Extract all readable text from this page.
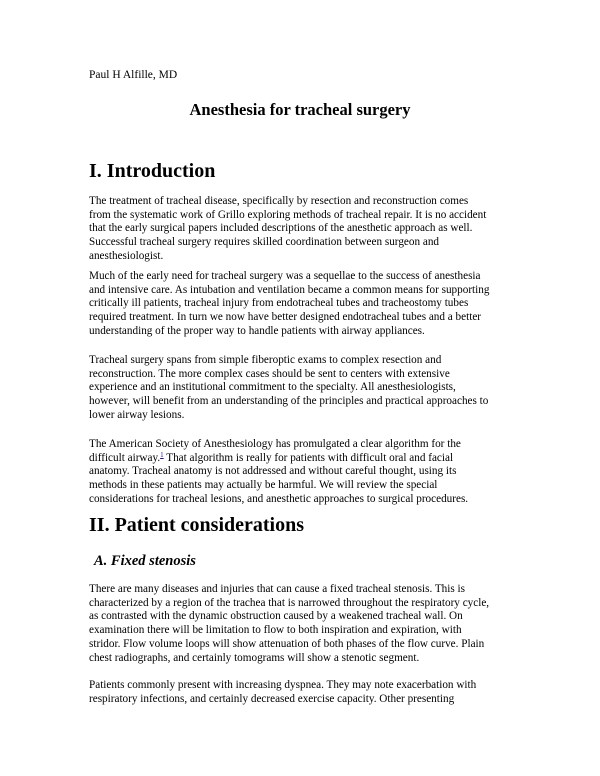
Paul H Alfille, MD
Anesthesia for tracheal surgery
I. Introduction

The treatment of tracheal disease, specifically by resection and reconstruction comes
from the systematic work of Grillo exploring methods of tracheal repair. It is no accident
that the early surgical papers included descriptions of the anesthetic approach as well.
Successful tracheal surgery requires skilled coordination between surgeon and
anesthesiologist.

Much of the early need for tracheal surgery was a sequellae to the success of anesthesia
and intensive care. As intubation and ventilation became a common means for supporting
critically ill patients, tracheal injury from endotracheal tubes and tracheostomy tubes
required treatment. In turn we now have better designed endotracheal tubes and a better
understanding of the proper way to handle patients with airway appliances.

Tracheal surgery spans from simple fiberoptic exams to complex resection and
reconstruction. The more complex cases should be sent to centers with extensive
experience and an institutional commitment to the specialty. All anesthesiologists,
however, will benefit from an understanding of the principles and practical approaches to
lower airway lesions.

The American Society of Anesthesiology has promulgated a clear algorithm for the
difficult airway.$^1$ That algorithm is really for patients with difficult oral and facial
anatomy. Tracheal anatomy is not addressed and without careful thought, using its
methods in these patients may actually be harmful. We will review the special
considerations for tracheal lesions, and anesthetic approaches to surgical procedures.

II. Patient considerations
A. Fixed stenosis

There are many diseases and injuries that can cause a fixed tracheal stenosis. This is
characterized by a region of the trachea that is narrowed throughout the respiratory cycle,
as contrasted with the dynamic obstruction caused by a weakened tracheal wall. On
examination there will be limitation to flow to both inspiration and expiration, with
stridor. Flow volume loops will show attenuation of both phases of the flow curve. Plain
chest radiographs, and certainly tomograms will show a stenotic segment.

Patients commonly present with increasing dyspnea. They may note exacerbation with
respiratory infections, and certainly decreased exercise capacity. Other presenting
